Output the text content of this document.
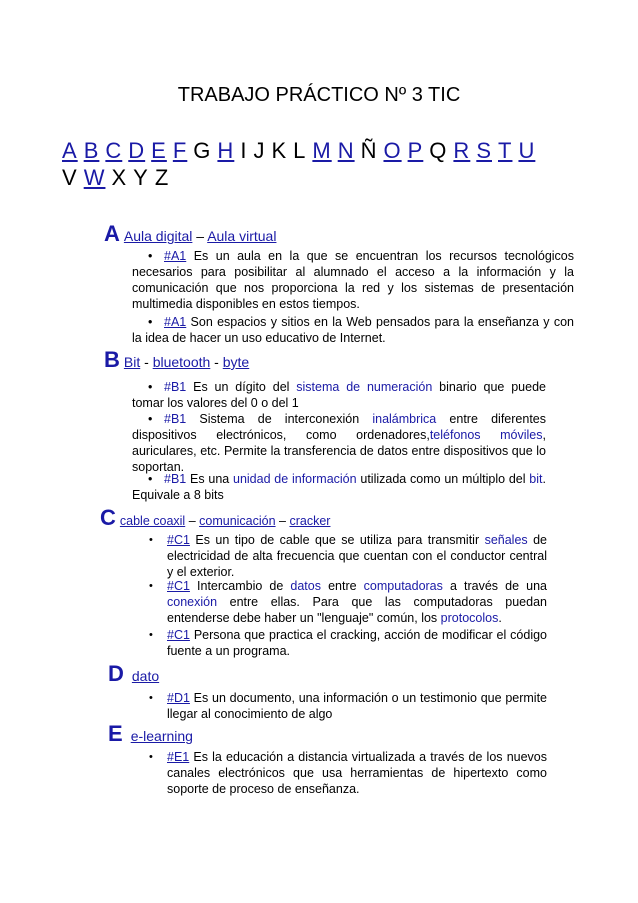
TRABAJO PRÁCTICO Nº 3 TIC
A B C D E F G H I J K L M N Ñ O P Q R S T U
V W X Y Z
A Aula digital – Aula virtual
• #A1 Es un aula en la que se encuentran los recursos tecnológicos necesarios para posibilitar al alumnado el acceso a la información y la comunicación que nos proporciona la red y los sistemas de presentación multimedia disponibles en estos tiempos.
• #A1 Son espacios y sitios en la Web pensados para la enseñanza y con la idea de hacer un uso educativo de Internet.
B Bit - bluetooth - byte
• #B1 Es un dígito del sistema de numeración binario que puede tomar los valores del 0 o del 1
• #B1 Sistema de interconexión inalámbrica entre diferentes dispositivos electrónicos, como ordenadores,teléfonos móviles, auriculares, etc. Permite la transferencia de datos entre dispositivos que lo soportan.
• #B1 Es una unidad de información utilizada como un múltiplo del bit. Equivale a 8 bits
Ccable coaxil – comunicación – cracker
• #C1 Es un tipo de cable que se utiliza para transmitir señales de electricidad de alta frecuencia que cuentan con el conductor central y el exterior.
• #C1 Intercambio de datos entre computadoras a través de una conexión entre ellas. Para que las computadoras puedan entenderse debe haber un "lenguaje" común, los protocolos.
• #C1 Persona que practica el cracking, acción de modificar el código fuente a un programa.
Ddato
• #D1 Es un documento, una información o un testimonio que permite llegar al conocimiento de algo
Ee-learning
• #E1 Es la educación a distancia virtualizada a través de los nuevos canales electrónicos que usa herramientas de hipertexto como soporte de proceso de enseñanza.
